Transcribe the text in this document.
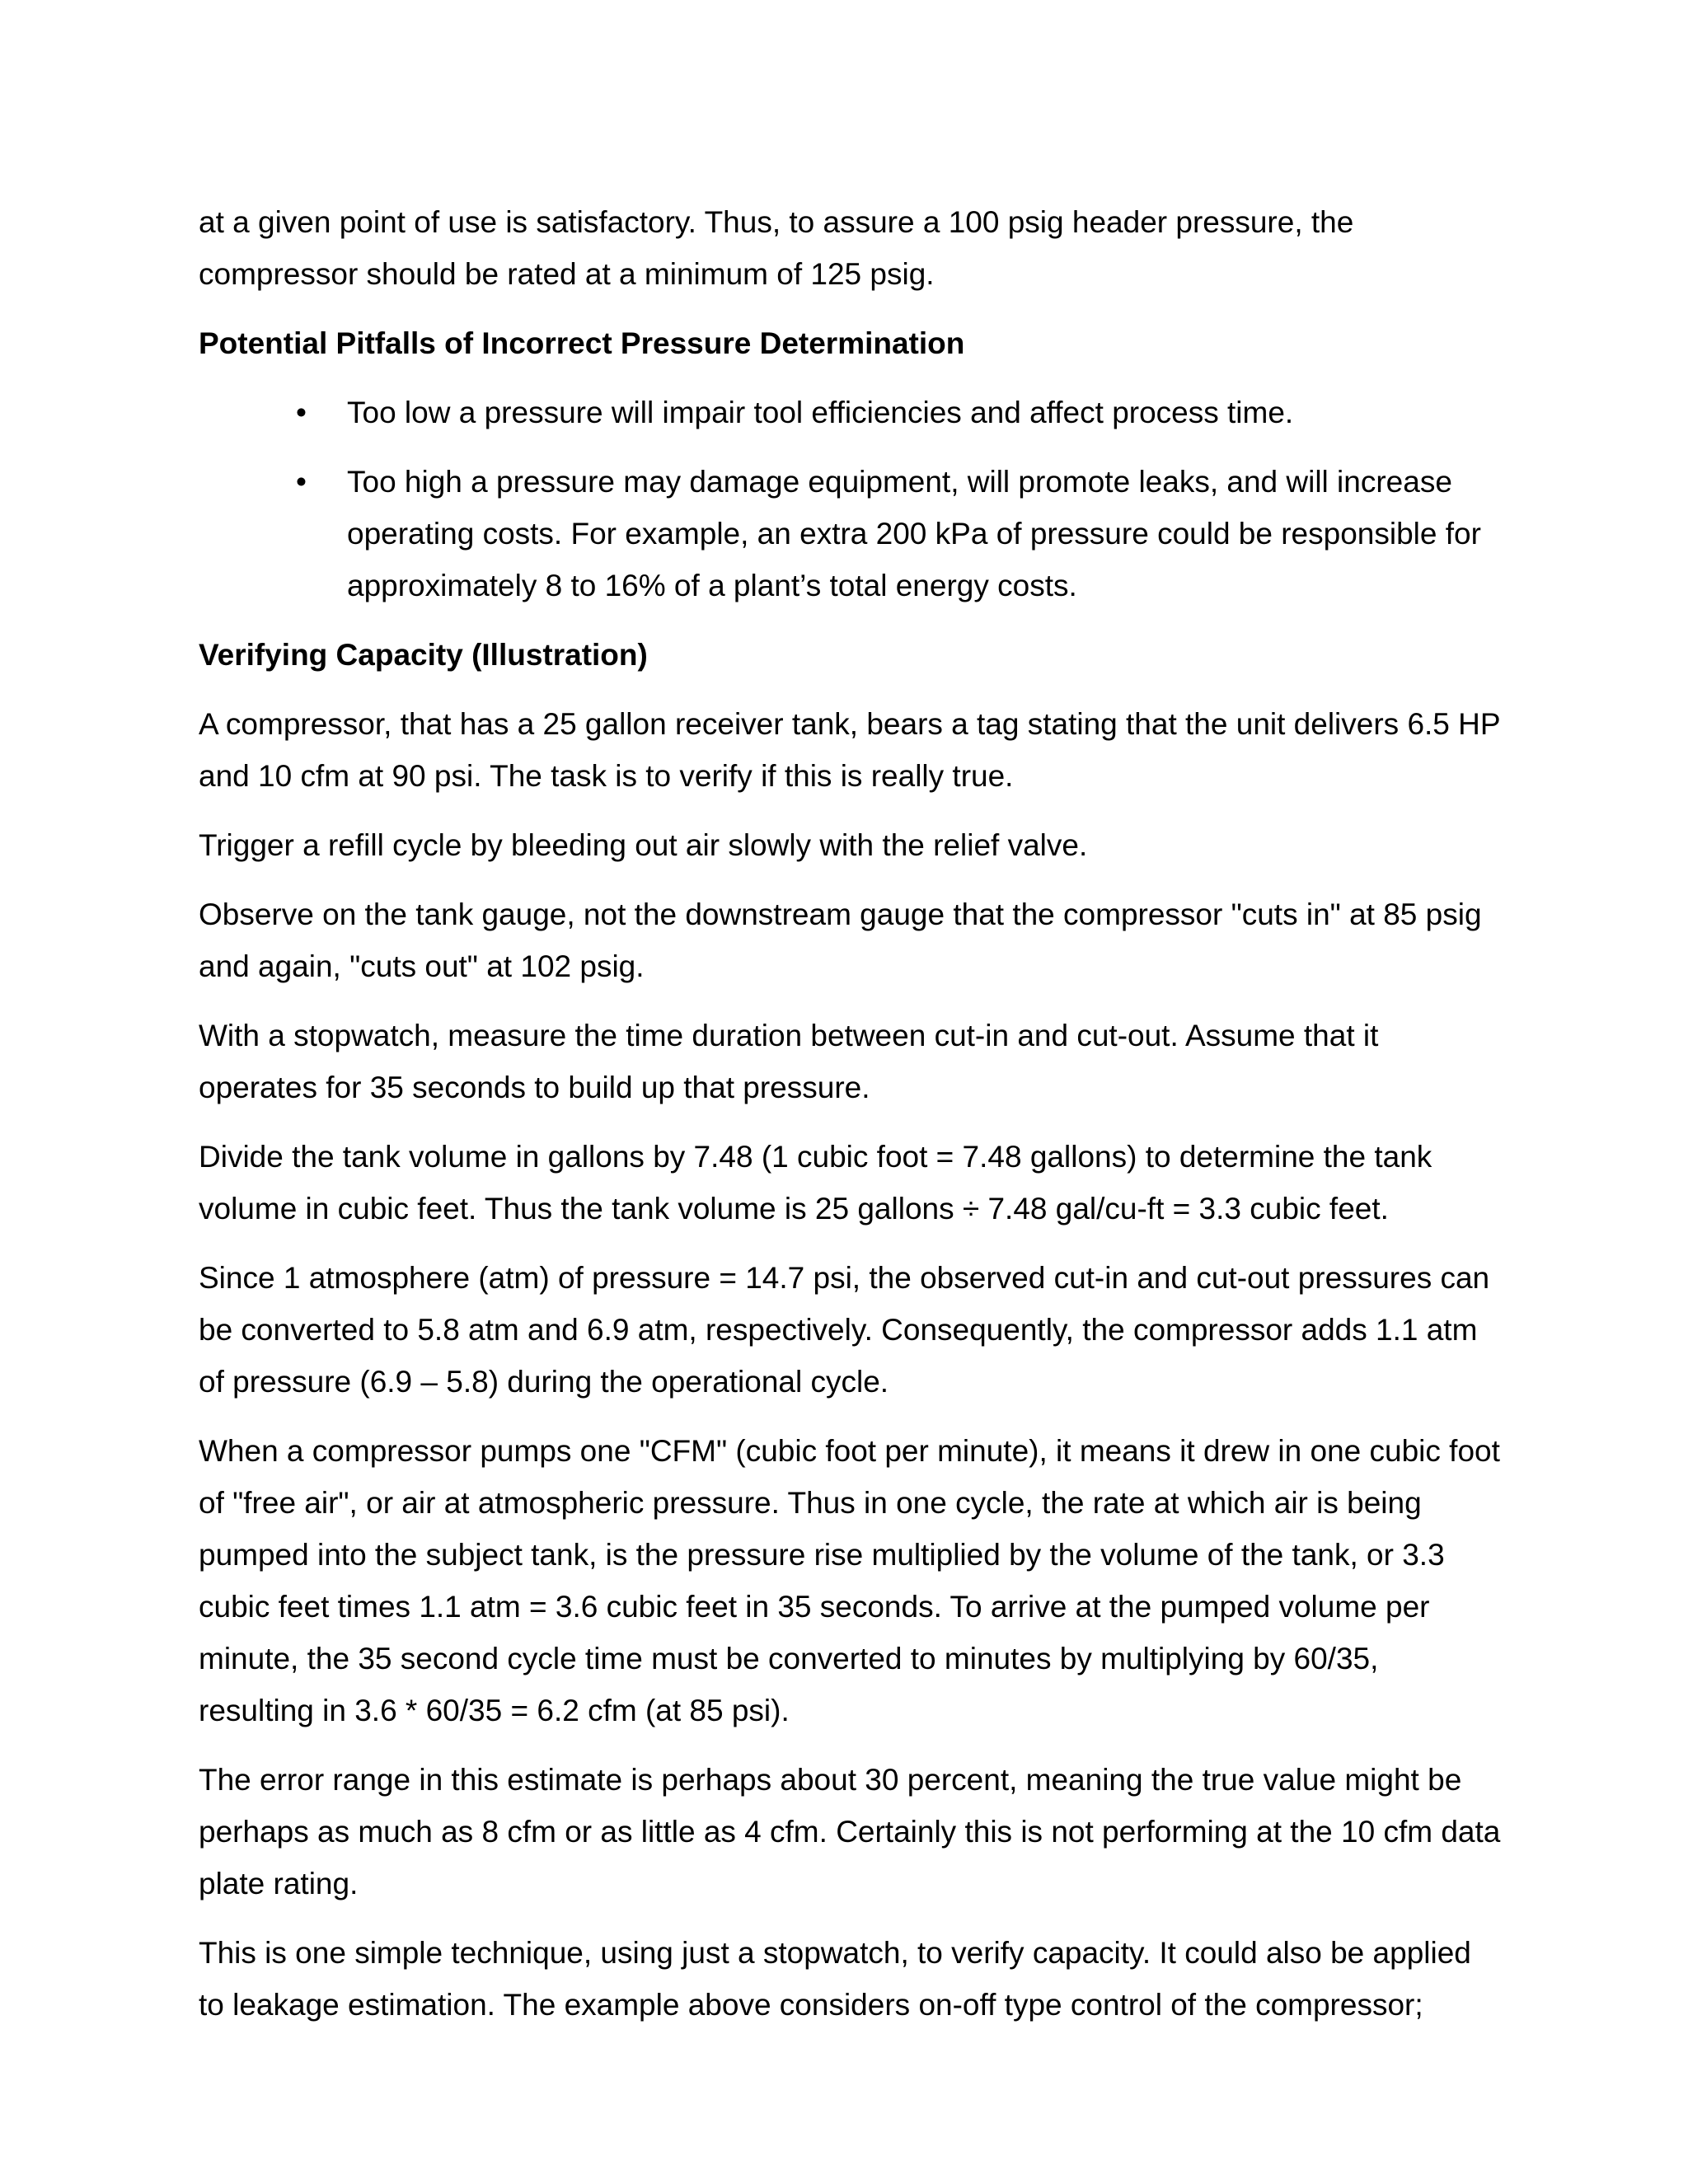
at a given point of use is satisfactory. Thus, to assure a 100 psig header pressure, the compressor should be rated at a minimum of 125 psig.

Potential Pitfalls of Incorrect Pressure Determination
• Too low a pressure will impair tool efficiencies and affect process time.
• Too high a pressure may damage equipment, will promote leaks, and will increase operating costs. For example, an extra 200 kPa of pressure could be responsible for approximately 8 to 16% of a plant’s total energy costs.
Verifying Capacity (Illustration)

A compressor, that has a 25 gallon receiver tank, bears a tag stating that the unit delivers 6.5 HP and 10 cfm at 90 psi. The task is to verify if this is really true.

Trigger a refill cycle by bleeding out air slowly with the relief valve.

Observe on the tank gauge, not the downstream gauge that the compressor "cuts in" at 85 psig and again, "cuts out" at 102 psig.

With a stopwatch, measure the time duration between cut-in and cut-out. Assume that it operates for 35 seconds to build up that pressure.

Divide the tank volume in gallons by 7.48 (1 cubic foot = 7.48 gallons) to determine the tank volume in cubic feet. Thus the tank volume is 25 gallons ÷ 7.48 gal/cu-ft = 3.3 cubic feet.

Since 1 atmosphere (atm) of pressure = 14.7 psi, the observed cut-in and cut-out pressures can be converted to 5.8 atm and 6.9 atm, respectively. Consequently, the compressor adds 1.1 atm of pressure (6.9 – 5.8) during the operational cycle.

When a compressor pumps one "CFM" (cubic foot per minute), it means it drew in one cubic foot of "free air", or air at atmospheric pressure. Thus in one cycle, the rate at which air is being pumped into the subject tank, is the pressure rise multiplied by the volume of the tank, or 3.3 cubic feet times 1.1 atm = 3.6 cubic feet in 35 seconds. To arrive at the pumped volume per minute, the 35 second cycle time must be converted to minutes by multiplying by 60/35, resulting in 3.6 * 60/35 = 6.2 cfm (at 85 psi).

The error range in this estimate is perhaps about 30 percent, meaning the true value might be perhaps as much as 8 cfm or as little as 4 cfm. Certainly this is not performing at the 10 cfm data plate rating.

This is one simple technique, using just a stopwatch, to verify capacity. It could also be applied to leakage estimation. The example above considers on-off type control of the compressor;
